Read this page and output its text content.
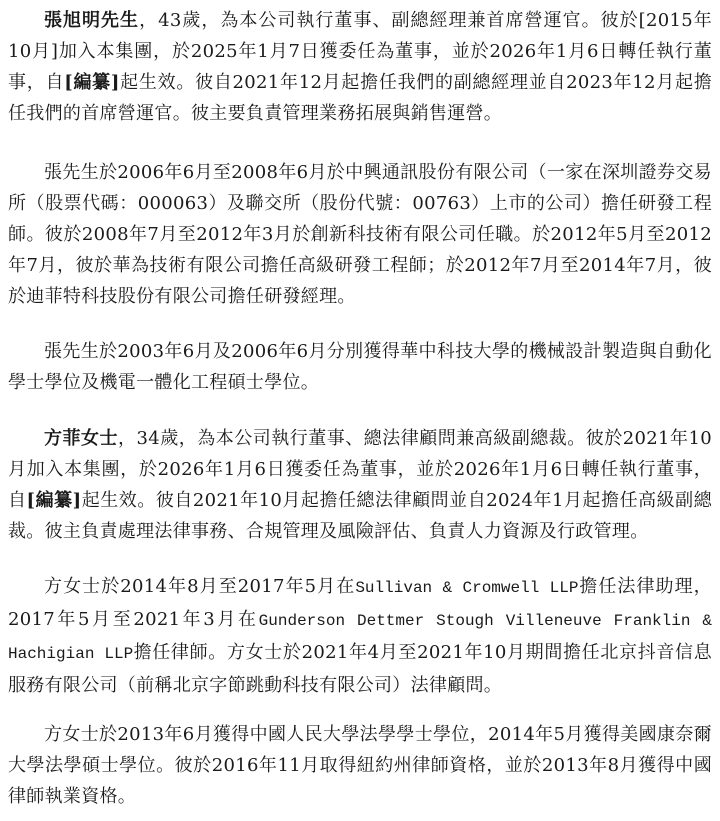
張旭明先生，43歲，為本公司執行董事、副總經理兼首席營運官。彼於[2015年10月]加入本集團，於2025年1月7日獲委任為董事，並於2026年1月6日轉任執行董事，自[編纂]起生效。彼自2021年12月起擔任我們的副總經理並自2023年12月起擔任我們的首席營運官。彼主要負責管理業務拓展與銷售運營。

張先生於2006年6月至2008年6月於中興通訊股份有限公司（一家在深圳證券交易所（股票代碼：000063）及聯交所（股份代號：00763）上市的公司）擔任研發工程師。彼於2008年7月至2012年3月於創新科技術有限公司任職。於2012年5月至2012年7月，彼於華為技術有限公司擔任高級研發工程師；於2012年7月至2014年7月，彼於迪菲特科技股份有限公司擔任研發經理。

張先生於2003年6月及2006年6月分別獲得華中科技大學的機械設計製造與自動化學士學位及機電一體化工程碩士學位。

方菲女士，34歲，為本公司執行董事、總法律顧問兼高級副總裁。彼於2021年10月加入本集團，於2026年1月6日獲委任為董事，並於2026年1月6日轉任執行董事，自[編纂]起生效。彼自2021年10月起擔任總法律顧問並自2024年1月起擔任高級副總裁。彼主負責處理法律事務、合規管理及風險評估、負責人力資源及行政管理。

方女士於2014年8月至2017年5月在Sullivan & Cromwell LLP擔任法律助理，2017年5月至2021年3月在Gunderson Dettmer Stough Villeneuve Franklin & Hachigian LLP擔任律師。方女士於2021年4月至2021年10月期間擔任北京抖音信息服務有限公司（前稱北京字節跳動科技有限公司）法律顧問。

方女士於2013年6月獲得中國人民大學法學學士學位，2014年5月獲得美國康奈爾大學法學碩士學位。彼於2016年11月取得紐約州律師資格，並於2013年8月獲得中國律師執業資格。
